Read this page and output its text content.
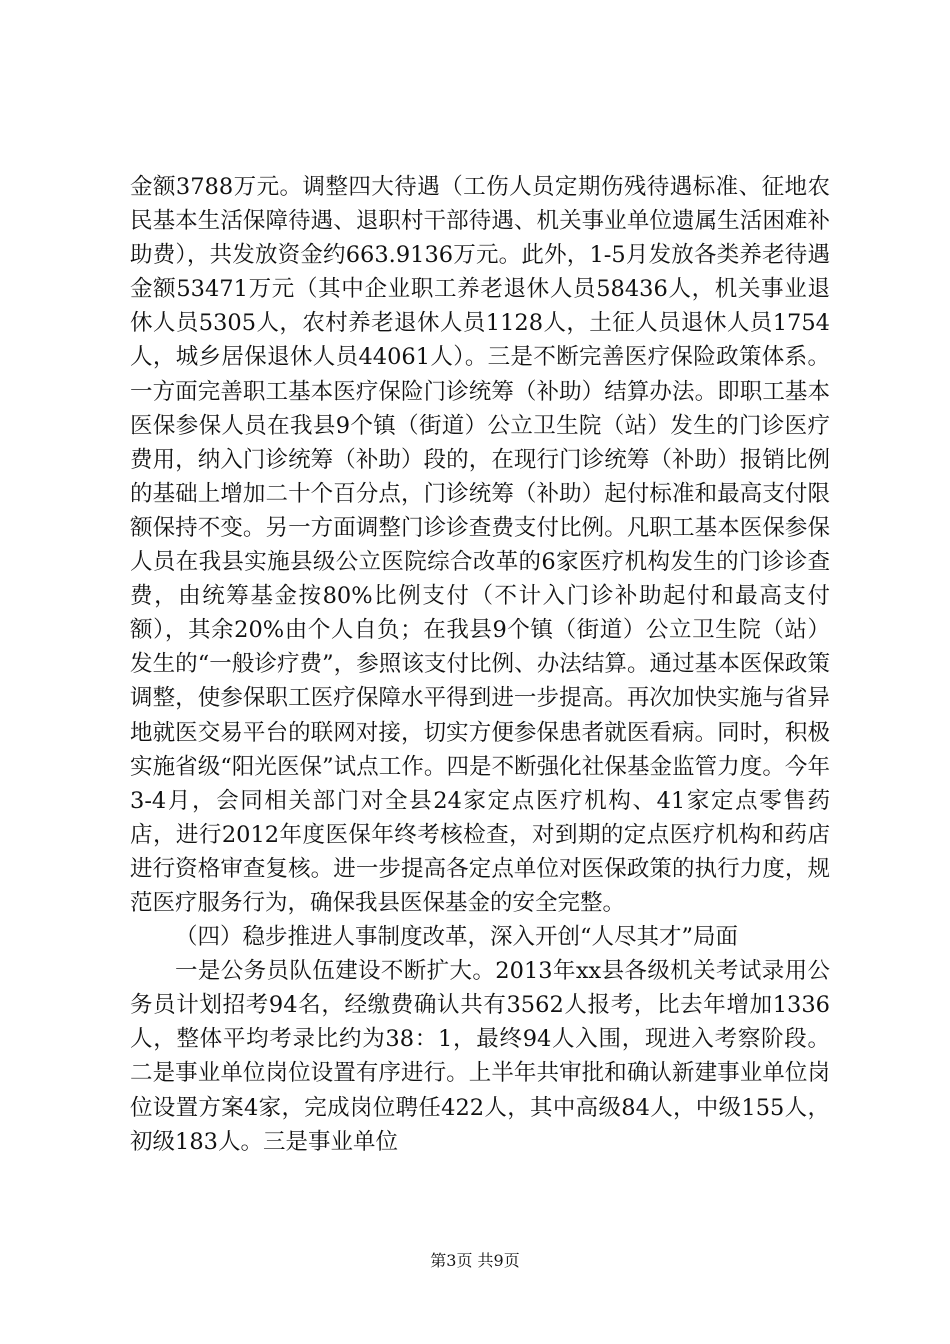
金额3788万元。调整四大待遇（工伤人员定期伤残待遇标准、征地农民基本生活保障待遇、退职村干部待遇、机关事业单位遗属生活困难补助费），共发放资金约663.9136万元。此外，1-5月发放各类养老待遇金额53471万元（其中企业职工养老退休人员58436人，机关事业退休人员5305人，农村养老退休人员1128人，土征人员退休人员1754人，城乡居保退休人员44061人）。三是不断完善医疗保险政策体系。一方面完善职工基本医疗保险门诊统筹（补助）结算办法。即职工基本医保参保人员在我县9个镇（街道）公立卫生院（站）发生的门诊医疗费用，纳入门诊统筹（补助）段的，在现行门诊统筹（补助）报销比例的基础上增加二十个百分点，门诊统筹（补助）起付标准和最高支付限额保持不变。另一方面调整门诊诊查费支付比例。凡职工基本医保参保人员在我县实施县级公立医院综合改革的6家医疗机构发生的门诊诊查费，由统筹基金按80%比例支付（不计入门诊补助起付和最高支付额），其余20%由个人自负；在我县9个镇（街道）公立卫生院（站）发生的“一般诊疗费”，参照该支付比例、办法结算。通过基本医保政策调整，使参保职工医疗保障水平得到进一步提高。再次加快实施与省异地就医交易平台的联网对接，切实方便参保患者就医看病。同时，积极实施省级“阳光医保”试点工作。四是不断强化社保基金监管力度。今年3-4月，会同相关部门对全县24家定点医疗机构、41家定点零售药店，进行2012年度医保年终考核检查，对到期的定点医疗机构和药店进行资格审查复核。进一步提高各定点单位对医保政策的执行力度，规范医疗服务行为，确保我县医保基金的安全完整。

（四）稳步推进人事制度改革，深入开创“人尽其才”局面

一是公务员队伍建设不断扩大。2013年xx县各级机关考试录用公务员计划招考94名，经缴费确认共有3562人报考，比去年增加1336人，整体平均考录比约为38：1，最终94人入围，现进入考察阶段。二是事业单位岗位设置有序进行。上半年共审批和确认新建事业单位岗位设置方案4家，完成岗位聘任422人，其中高级84人，中级155人，初级183人。三是事业单位

第3页 共9页
